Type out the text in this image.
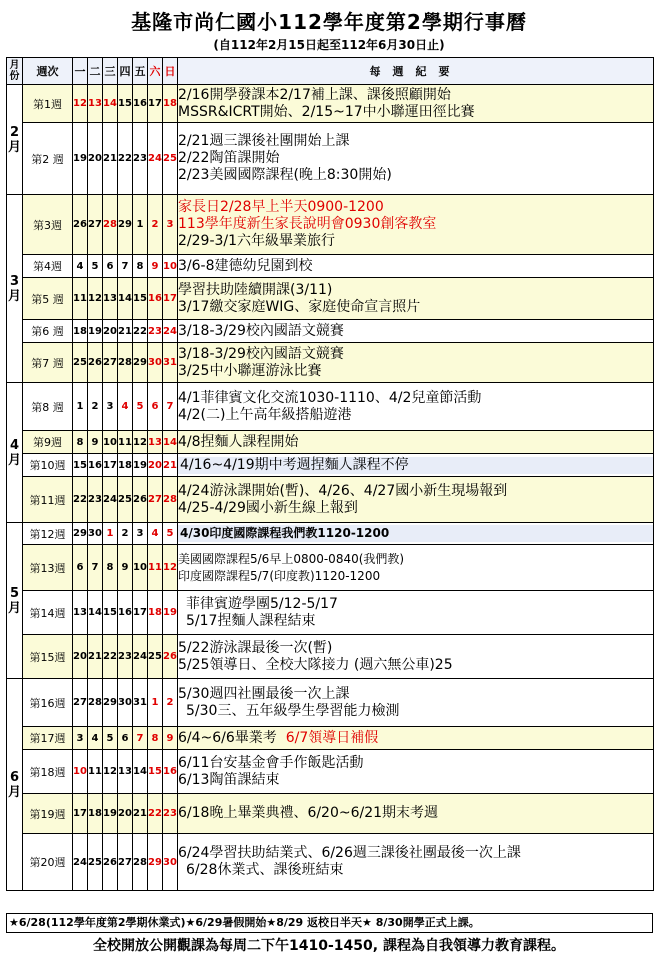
基隆市尚仁國小112學年度第2學期行事曆
(自112年2月15日起至112年6月30日止)
月份	週次	一	二	三	四	五	六	日	每週紀要

2月	第1週	12	13	14	15	16	17	18	2/16開學發課本2/17補上課、課後照顧開始
MSSR&ICRT開始、2/15~17中小聯運田徑比賽

	第2 週	19	20	21	22	23	24	25	2/21週三課後社團開始上課
2/22陶笛課開始
2/23美國國際課程(晚上8:30開始)

3月	第3週	26	27	28	29	1	2	3	家長日2/28早上半天0900-1200
113學年度新生家長說明會0930創客教室
2/29-3/1六年級畢業旅行

	第4週	4	5	6	7	8	9	10	3/6-8建德幼兒園到校

	第5 週	11	12	13	14	15	16	17	學習扶助陸續開課(3/11)
3/17繳交家庭WIG、家庭使命宣言照片

	第6 週	18	19	20	21	22	23	24	3/18-3/29校內國語文競賽

	第7 週	25	26	27	28	29	30	31	3/18-3/29校內國語文競賽
3/25中小聯運游泳比賽

4月	第8 週	1	2	3	4	5	6	7	4/1菲律賓文化交流1030-1110、4/2兒童節活動
4/2(二)上午高年級搭船遊港

	第9週	8	9	10	11	12	13	14	4/8捏麵人課程開始

	第10週	15	16	17	18	19	20	21	4/16~4/19期中考週捏麵人課程不停

	第11週	22	23	24	25	26	27	28	4/24游泳課開始(暫)、4/26、4/27國小新生現場報到
4/25-4/29國小新生線上報到

5月	第12週	29	30	1	2	3	4	5	4/30印度國際課程我們教1120-1200

	第13週	6	7	8	9	10	11	12	美國國際課程5/6早上0800-0840(我們教)
印度國際課程5/7(印度教)1120-1200

	第14週	13	14	15	16	17	18	19	菲律賓遊學團5/12-5/17
5/17捏麵人課程結束

	第15週	20	21	22	23	24	25	26	5/22游泳課最後一次(暫)
5/25領導日、全校大隊接力 (週六無公車)25

6月	第16週	27	28	29	30	31	1	2	5/30週四社團最後一次上課
5/30三、五年級學生學習能力檢測

	第17週	3	4	5	6	7	8	9	6/4~6/6畢業考 6/7領導日補假

	第18週	10	11	12	13	14	15	16	6/11台安基金會手作飯匙活動
6/13陶笛課結束

	第19週	17	18	19	20	21	22	23	6/18晚上畢業典禮、6/20~6/21期末考週

	第20週	24	25	26	27	28	29	30	6/24學習扶助結業式、6/26週三課後社團最後一次上課
6/28休業式、課後班結束
★6/28(112學年度第2學期休業式)★6/29暑假開始★8/29 返校日半天★ 8/30開學正式上課。
全校開放公開觀課為每周二下午1410-1450, 課程為自我領導力教育課程。
